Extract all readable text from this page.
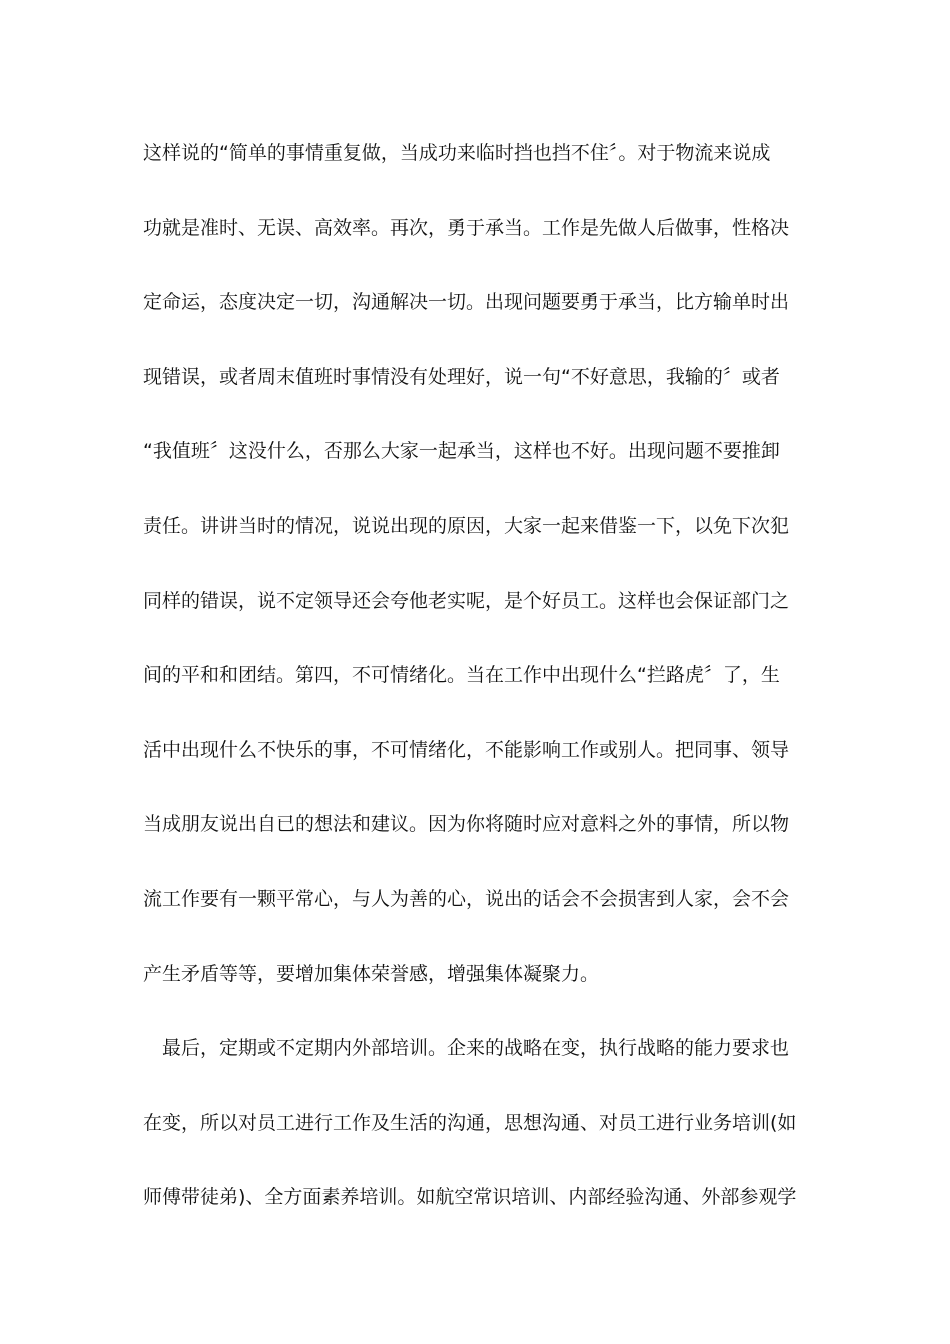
这样说的“简单的事情重复做，当成功来临时挡也挡不住〞。对于物流来说成
功就是准时、无误、高效率。再次，勇于承当。工作是先做人后做事，性格决
定命运，态度决定一切，沟通解决一切。出现问题要勇于承当，比方输单时出
现错误，或者周末值班时事情没有处理好，说一句“不好意思，我输的〞或者
“我值班〞这没什么，否那么大家一起承当，这样也不好。出现问题不要推卸
责任。讲讲当时的情况，说说出现的原因，大家一起来借鉴一下，以免下次犯
同样的错误，说不定领导还会夸他老实呢，是个好员工。这样也会保证部门之
间的平和和团结。第四，不可情绪化。当在工作中出现什么“拦路虎〞了，生
活中出现什么不快乐的事，不可情绪化，不能影响工作或别人。把同事、领导
当成朋友说出自已的想法和建议。因为你将随时应对意料之外的事情，所以物
流工作要有一颗平常心，与人为善的心，说出的话会不会损害到人家，会不会
产生矛盾等等，要增加集体荣誉感，增强集体凝聚力。
　最后，定期或不定期内外部培训。企来的战略在变，执行战略的能力要求也
在变，所以对员工进行工作及生活的沟通，思想沟通、对员工进行业务培训(如
师傅带徒弟)、全方面素养培训。如航空常识培训、内部经验沟通、外部参观学
